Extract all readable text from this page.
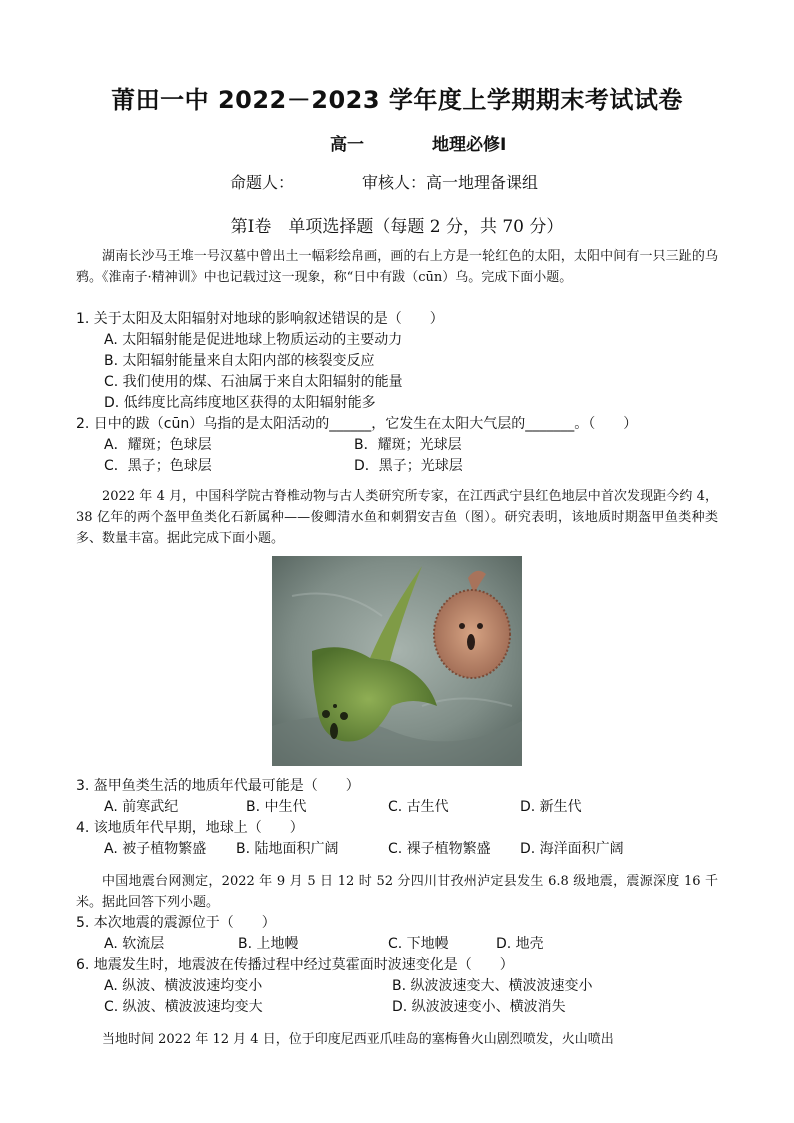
莆田一中 2022－2023 学年度上学期期末考试试卷
高一	地理必修Ⅰ
命题人：	审核人：高一地理备课组
第Ⅰ卷　单项选择题（每题 2 分，共 70 分）
湖南长沙马王堆一号汉墓中曾出土一幅彩绘帛画，画的右上方是一轮红色的太阳，太阳中间有一只三趾的乌鸦。《淮南子·精神训》中也记载过这一现象，称“日中有跋（cūn）乌。完成下面小题。
1. 关于太阳及太阳辐射对地球的影响叙述错误的是（　　）
A. 太阳辐射能是促进地球上物质运动的主要动力
B. 太阳辐射能量来自太阳内部的核裂变反应
C. 我们使用的煤、石油属于来自太阳辐射的能量
D. 低纬度比高纬度地区获得的太阳辐射能多
2. 日中的跋（cūn）乌指的是太阳活动的______，它发生在太阳大气层的_______。（　　）
A．耀斑；色球层	B．耀斑；光球层
C．黑子；色球层	D．黑子；光球层
2022 年 4 月，中国科学院古脊椎动物与古人类研究所专家，在江西武宁县红色地层中首次发现距今约 4，38 亿年的两个盔甲鱼类化石新属种——俊卿清水鱼和刺猬安吉鱼（图）。研究表明，该地质时期盔甲鱼类种类多、数量丰富。据此完成下面小题。
3. 盔甲鱼类生活的地质年代最可能是（　　）
A. 前寒武纪	B. 中生代	C. 古生代	D. 新生代
4. 该地质年代早期，地球上（　　）
A. 被子植物繁盛 B. 陆地面积广阔	C. 裸子植物繁盛 D. 海洋面积广阔
中国地震台网测定，2022 年 9 月 5 日 12 时 52 分四川甘孜州泸定县发生 6.8 级地震，震源深度 16 千米。据此回答下列小题。
5. 本次地震的震源位于（　　）
A. 软流层	B. 上地幔	C. 下地幔	D. 地壳
6. 地震发生时，地震波在传播过程中经过莫霍面时波速变化是（　　）
A. 纵波、横波波速均变小	B. 纵波波速变大、横波波速变小
C. 纵波、横波波速均变大	D. 纵波波速变小、横波消失
当地时间 2022 年 12 月 4 日，位于印度尼西亚爪哇岛的塞梅鲁火山剧烈喷发，火山喷出
